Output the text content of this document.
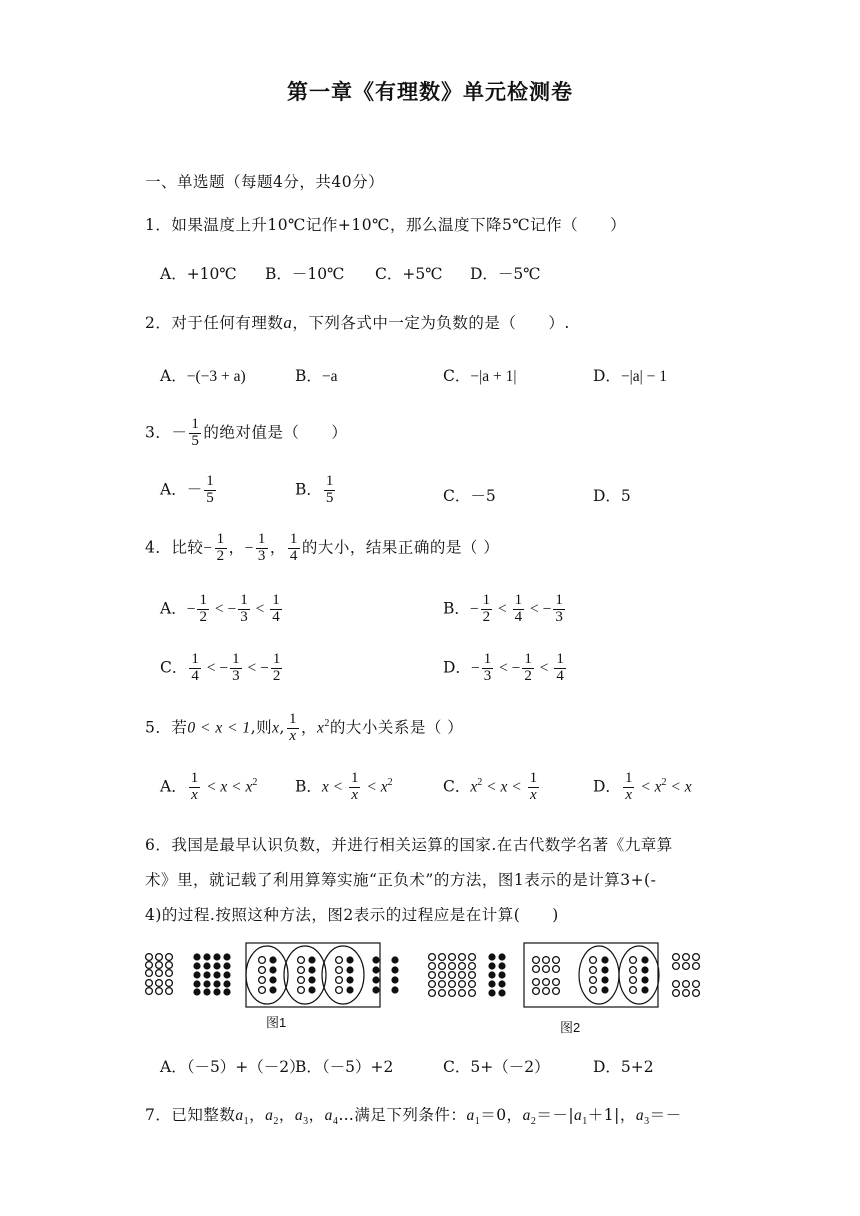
第一章《有理数》单元检测卷
一、单选题（每题4分，共40分）
1．如果温度上升10℃记作+10℃，那么温度下降5℃记作（　　）
A．+10℃ B．－10℃ C．+5℃ D．－5℃
2．对于任何有理数a，下列各式中一定为负数的是（　　）.
A．−(−3 + a)	B．−a	C．−|a + 1|	D．−|a| − 1
3．－ $\frac{1}{5}$ 的绝对值是（　　）
A．－ $\frac{1}{5}$	B． $\frac{1}{5}$	C．－5	D．5
4．比较− $\frac{1}{2}$ ，− $\frac{1}{3}$ ， $\frac{1}{4}$ 的大小，结果正确的是（ ）
A．− $\frac{1}{2}$ < − $\frac{1}{3} < \frac{1}{4}$	B．− $\frac{1}{2} < \frac{1}{4}$ < − $\frac{1}{3}$
C． $\frac{1}{4}$ < − $\frac{1}{3}$ < − $\frac{1}{2}$	D．− $\frac{1}{3}$ < − $\frac{1}{2} < \frac{1}{4}$
5．若0 < x < 1,则x, $\frac{1}{x}$ ，$x^2$的大小关系是（ ）
A． $\frac{1}{x} < x < x^2$ B．$x < \frac{1}{x} < x^2$	C．$x^2 < x < \frac{1}{x}$	D． $\frac{1}{x} < x^2 < x$
6．我国是最早认识负数，并进行相关运算的国家.在古代数学名著《九章算
术》里，就记载了利用算筹实施“正负术”的方法，图1表示的是计算3+(-
4)的过程.按照这种方法，图2表示的过程应是在计算(　　)
图1	图2
A．（－5）+（－2）
B．（－5）+2	C．5+（－2）	D．5+2
7．已知整数$a_1$，$a_2$，$a_3$，$a_4\dots$满足下列条件：$a_1=0$，$a_2=-|a_1+1|$，$a_3=-$
